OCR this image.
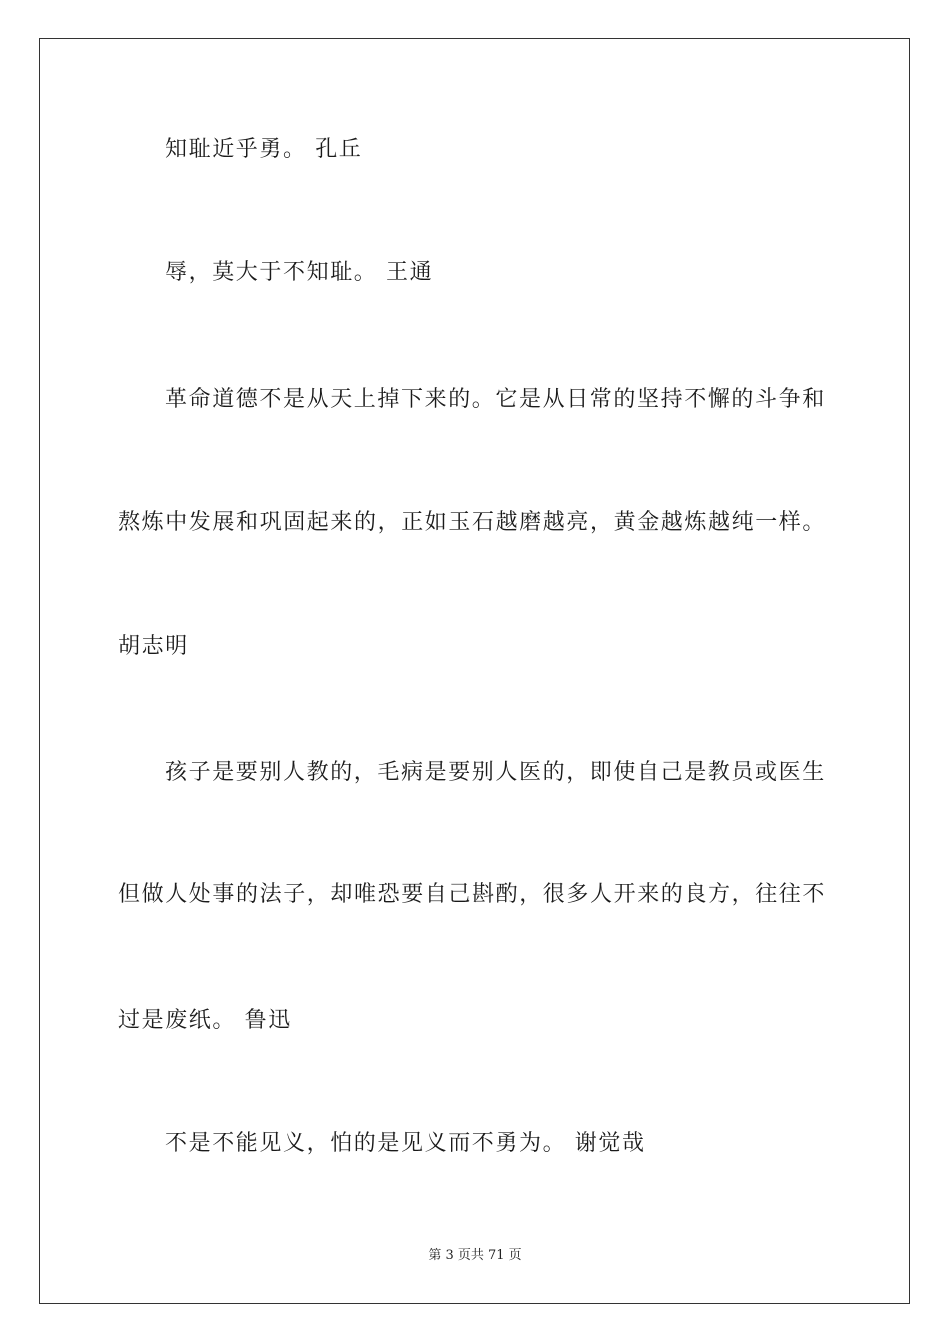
知耻近乎勇。 孔丘
辱，莫大于不知耻。 王通
革命道德不是从天上掉下来的。它是从日常的坚持不懈的斗争和
熬炼中发展和巩固起来的，正如玉石越磨越亮，黄金越炼越纯一样。
胡志明
孩子是要别人教的，毛病是要别人医的，即使自己是教员或医生
但做人处事的法子，却唯恐要自己斟酌，很多人开来的良方，往往不
过是废纸。 鲁迅
不是不能见义，怕的是见义而不勇为。 谢觉哉
第 3 页共 71 页
